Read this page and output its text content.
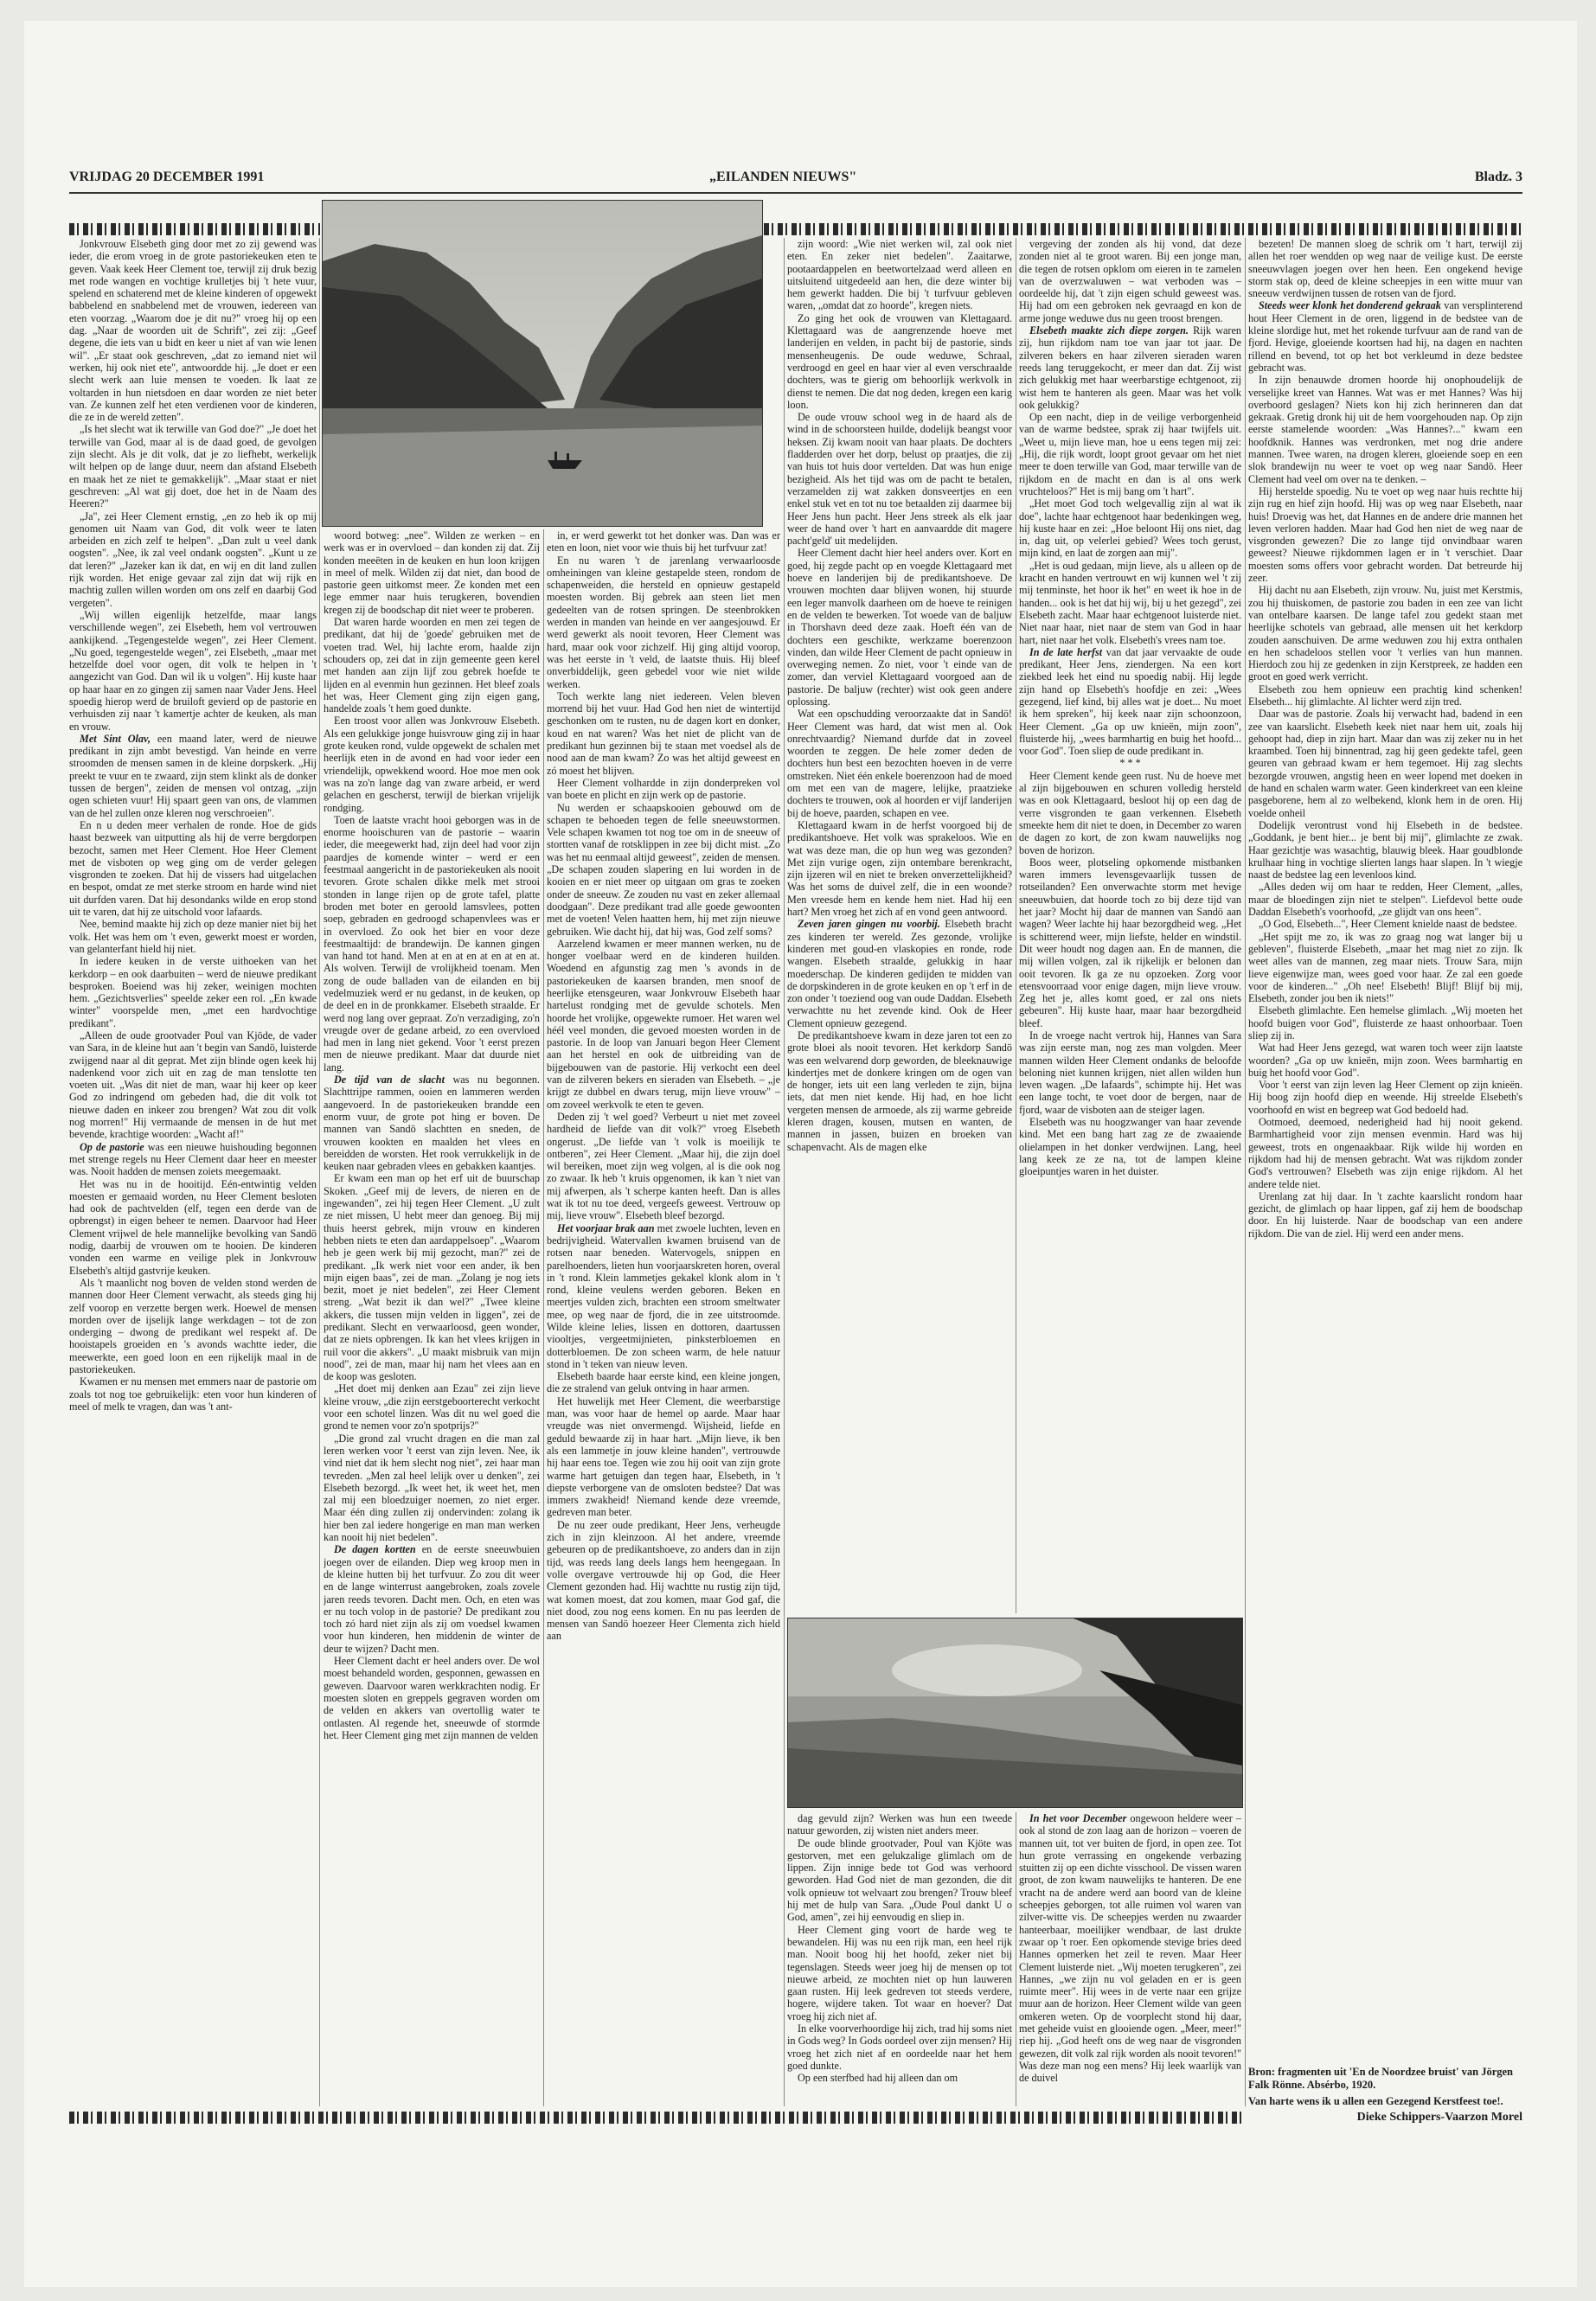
VRIJDAG 20 DECEMBER 1991	„EILANDEN NIEUWS"	Bladz. 3

Jonkvrouw Elsebeth ging door met zo zij gewend was ieder, die erom vroeg in de grote pastoriekeuken eten te geven. Vaak keek Heer Clement toe, terwijl zij druk bezig met rode wangen en vochtige krulletjes bij 't hete vuur, spelend en schaterend met de kleine kinderen of opgewekt babbelend en snabbelend met de vrouwen, iedereen van eten voorzag. „Waarom doe je dit nu?" vroeg hij op een dag. „Naar de woorden uit de Schrift", zei zij: „Geef degene, die iets van u bidt en keer u niet af van wie lenen wil". „Er staat ook geschreven, „dat zo iemand niet wil werken, hij ook niet ete", antwoordde hij. „Je doet er een slecht werk aan luie mensen te voeden. Ik laat ze voltarden in hun nietsdoen en daar worden ze niet beter van. Ze kunnen zelf het eten verdienen voor de kinderen, die ze in de wereld zetten".

„Is het slecht wat ik terwille van God doe?" „Je doet het terwille van God, maar al is de daad goed, de gevolgen zijn slecht. Als je dit volk, dat je zo liefhebt, werkelijk wilt helpen op de lange duur, neem dan afstand Elsebeth en maak het ze niet te gemakkelijk". „Maar staat er niet geschreven: „Al wat gij doet, doe het in de Naam des Heeren?"

„Ja", zei Heer Clement ernstig, „en zo heb ik op mij genomen uit Naam van God, dit volk weer te laten arbeiden en zich zelf te helpen". „Dan zult u veel dank oogsten". „Nee, ik zal veel ondank oogsten". „Kunt u ze dat leren?" „Jazeker kan ik dat, en wij en dit land zullen rijk worden. Het enige gevaar zal zijn dat wij rijk en machtig zullen willen worden om ons zelf en daarbij God vergeten".

„Wij willen eigenlijk hetzelfde, maar langs verschillende wegen", zei Elsebeth, hem vol vertrouwen aankijkend. „Tegengestelde wegen", zei Heer Clement. „Nu goed, tegengestelde wegen", zei Elsebeth, „maar met hetzelfde doel voor ogen, dit volk te helpen in 't aangezicht van God. Dan wil ik u volgen". Hij kuste haar op haar haar en zo gingen zij samen naar Vader Jens. Heel spoedig hierop werd de bruiloft gevierd op de pastorie en verhuisden zij naar 't kamertje achter de keuken, als man en vrouw.

Met Sint Olav, een maand later, werd de nieuwe predikant in zijn ambt bevestigd. Van heinde en verre stroomden de mensen samen in de kleine dorpskerk. „Hij preekt te vuur en te zwaard, zijn stem klinkt als de donker tussen de bergen", zeiden de mensen vol ontzag, „zijn ogen schieten vuur! Hij spaart geen van ons, de vlammen van de hel zullen onze kleren nog verschroeien".

En n u deden meer verhalen de ronde. Hoe de gids haast bezweek van uitputting als hij de verre bergdorpen bezocht, samen met Heer Clement. Hoe Heer Clement met de visboten op weg ging om de verder gelegen visgronden te zoeken. Dat hij de vissers had uitgelachen en bespot, omdat ze met sterke stroom en harde wind niet uit durfden varen. Dat hij desondanks wilde en erop stond uit te varen, dat hij ze uitschold voor lafaards.

Nee, bemind maakte hij zich op deze manier niet bij het volk. Het was hem om 't even, gewerkt moest er worden, van gelanterfant hield hij niet.

In iedere keuken in de verste uithoeken van het kerkdorp – en ook daarbuiten – werd de nieuwe predikant besproken. Boeiend was hij zeker, weinigen mochten hem. „Gezichtsverlies" speelde zeker een rol. „En kwade winter" voorspelde men, „met een hardvochtige predikant".

„Alleen de oude grootvader Poul van Kjöde, de vader van Sara, in de kleine hut aan 't begin van Sandö, luisterde zwijgend naar al dit geprat. Met zijn blinde ogen keek hij nadenkend voor zich uit en zag de man tenslotte ten voeten uit. „Was dit niet de man, waar hij keer op keer God zo indringend om gebeden had, die dit volk tot nieuwe daden en inkeer zou brengen? Wat zou dit volk nog morren!" Hij vermaande de mensen in de hut met bevende, krachtige woorden: „Wacht af!"

Op de pastorie was een nieuwe huishouding begonnen met strenge regels nu Heer Clement daar heer en meester was. Nooit hadden de mensen zoiets meegemaakt.

Het was nu in de hooitijd. Eén-entwintig velden moesten er gemaaid worden, nu Heer Clement besloten had ook de pachtvelden (elf, tegen een derde van de opbrengst) in eigen beheer te nemen. Daarvoor had Heer Clement vrijwel de hele mannelijke bevolking van Sandö nodig, daarbij de vrouwen om te hooien. De kinderen vonden een warme en veilige plek in Jonkvrouw Elsebeth's altijd gastvrije keuken.

Als 't maanlicht nog boven de velden stond werden de mannen door Heer Clement verwacht, als steeds ging hij zelf voorop en verzette bergen werk. Hoewel de mensen morden over de ijselijk lange werkdagen – tot de zon onderging – dwong de predikant wel respekt af. De hooistapels groeiden en 's avonds wachtte ieder, die meewerkte, een goed loon en een rijkelijk maal in de pastoriekeuken.

Kwamen er nu mensen met emmers naar de pastorie om zoals tot nog toe gebruikelijk: eten voor hun kinderen of meel of melk te vragen, dan was 't ant-

woord botweg: „nee". Wilden ze werken – en werk was er in overvloed – dan konden zij dat. Zij konden meeëten in de keuken en hun loon krijgen in meel of melk. Wilden zij dat niet, dan bood de pastorie geen uitkomst meer. Ze konden met een lege emmer naar huis terugkeren, bovendien kregen zij de boodschap dit niet weer te proberen.

Dat waren harde woorden en men zei tegen de predikant, dat hij de 'goede' gebruiken met de voeten trad. Wel, hij lachte erom, haalde zijn schouders op, zei dat in zijn gemeente geen kerel met handen aan zijn lijf zou gebrek hoefde te lijden en al evenmin hun gezinnen. Het bleef zoals het was, Heer Clement ging zijn eigen gang, handelde zoals 't hem goed dunkte.

Een troost voor allen was Jonkvrouw Elsebeth. Als een gelukkige jonge huisvrouw ging zij in haar grote keuken rond, vulde opgewekt de schalen met heerlijk eten in de avond en had voor ieder een vriendelijk, opwekkend woord. Hoe moe men ook was na zo'n lange dag van zware arbeid, er werd gelachen en gescherst, terwijl de bierkan vrijelijk rondging.

Toen de laatste vracht hooi geborgen was in de enorme hooischuren van de pastorie – waarin ieder, die meegewerkt had, zijn deel had voor zijn paardjes de komende winter – werd er een feestmaal aangericht in de pastoriekeuken als nooit tevoren. Grote schalen dikke melk met strooi stonden in lange rijen op de grote tafel, platte broden met boter en geroold lamsvlees, potten soep, gebraden en gedroogd schapenvlees was er in overvloed. Zo ook het bier en voor deze feestmaaltijd: de brandewijn. De kannen gingen van hand tot hand. Men at en at en at en at en at. Als wolven. Terwijl de vrolijkheid toenam. Men zong de oude balladen van de eilanden en bij vedelmuziek werd er nu gedanst, in de keuken, op de deel en in de pronkkamer. Elsebeth straalde. Er werd nog lang over gepraat. Zo'n verzadiging, zo'n vreugde over de gedane arbeid, zo een overvloed had men in lang niet gekend. Voor 't eerst prezen men de nieuwe predikant. Maar dat duurde niet lang.

De tijd van de slacht was nu begonnen. Slachttrijpe rammen, ooien en lammeren werden aangevoerd. In de pastoriekeuken brandde een enorm vuur, de grote pot hing er boven. De mannen van Sandö slachtten en sneden, de vrouwen kookten en maalden het vlees en bereidden de worsten. Het rook verrukkelijk in de keuken naar gebraden vlees en gebakken kaantjes.

Er kwam een man op het erf uit de buurschap Skoken. „Geef mij de levers, de nieren en de ingewanden", zei hij tegen Heer Clement. „U zult ze niet missen, U hebt meer dan genoeg. Bij mij thuis heerst gebrek, mijn vrouw en kinderen hebben niets te eten dan aardappelsoep". „Waarom heb je geen werk bij mij gezocht, man?" zei de predikant. „Ik werk niet voor een ander, ik ben mijn eigen baas", zei de man. „Zolang je nog iets bezit, moet je niet bedelen", zei Heer Clement streng. „Wat bezit ik dan wel?" „Twee kleine akkers, die tussen mijn velden in liggen", zei de predikant. Slecht en verwaarloosd, geen wonder, dat ze niets opbrengen. Ik kan het vlees krijgen in ruil voor die akkers". „U maakt misbruik van mijn nood", zei de man, maar hij nam het vlees aan en de koop was gesloten.

„Het doet mij denken aan Ezau" zei zijn lieve kleine vrouw, „die zijn eerstgeboorterecht verkocht voor een schotel linzen. Was dit nu wel goed die grond te nemen voor zo'n spotprijs?"

„Die grond zal vrucht dragen en die man zal leren werken voor 't eerst van zijn leven. Nee, ik vind niet dat ik hem slecht nog niet", zei haar man tevreden. „Men zal heel lelijk over u denken", zei Elsebeth bezorgd. „Ik weet het, ik weet het, men zal mij een bloedzuiger noemen, zo niet erger. Maar één ding zullen zij ondervinden: zolang ik hier ben zal iedere hongerige en man man werken kan nooit hij niet bedelen".

De dagen kortten en de eerste sneeuwbuien joegen over de eilanden. Diep weg kroop men in de kleine hutten bij het turfvuur. Zo zou dit weer en de lange winterrust aangebroken, zoals zovele jaren reeds tevoren. Dacht men. Och, en eten was er nu toch volop in de pastorie? De predikant zou toch zó hard niet zijn als zij om voedsel kwamen voor hun kinderen, hen middenin de winter de deur te wijzen? Dacht men.

Heer Clement dacht er heel anders over. De wol moest behandeld worden, gesponnen, gewassen en geweven. Daarvoor waren werkkrachten nodig. Er moesten sloten en greppels gegraven worden om de velden en akkers van overtollig water te ontlasten. Al regende het, sneeuwde of stormde het. Heer Clement ging met zijn mannen de velden

in, er werd gewerkt tot het donker was. Dan was er eten en loon, niet voor wie thuis bij het turfvuur zat!

En nu waren 't de jarenlang verwaarloosde omheiningen van kleine gestapelde steen, rondom de schapenweiden, die hersteld en opnieuw gestapeld moesten worden. Bij gebrek aan steen liet men gedeelten van de rotsen springen. De steenbrokken werden in manden van heinde en ver aangesjouwd. Er werd gewerkt als nooit tevoren, Heer Clement was hard, maar ook voor zichzelf. Hij ging altijd voorop, was het eerste in 't veld, de laatste thuis. Hij bleef onverbiddelijk, geen gebedel voor wie niet wilde werken.

Toch werkte lang niet iedereen. Velen bleven morrend bij het vuur. Had God hen niet de wintertijd geschonken om te rusten, nu de dagen kort en donker, koud en nat waren? Was het niet de plicht van de predikant hun gezinnen bij te staan met voedsel als de nood aan de man kwam? Zo was het altijd geweest en zó moest het blijven.

Heer Clement volhardde in zijn donderpreken vol van boete en plicht en zijn werk op de pastorie.

Nu werden er schaapskooien gebouwd om de schapen te behoeden tegen de felle sneeuwstormen. Vele schapen kwamen tot nog toe om in de sneeuw of stortten vanaf de rotsklippen in zee bij dicht mist. „Zo was het nu eenmaal altijd geweest", zeiden de mensen. „De schapen zouden slapering en lui worden in de kooien en er niet meer op uitgaan om gras te zoeken onder de sneeuw. Ze zouden nu vast en zeker allemaal doodgaan". Deze predikant trad alle goede gewoonten met de voeten! Velen haatten hem, hij met zijn nieuwe gebruiken. Wie dacht hij, dat hij was, God zelf soms?

Aarzelend kwamen er meer mannen werken, nu de honger voelbaar werd en de kinderen huilden. Woedend en afgunstig zag men 's avonds in de pastoriekeuken de kaarsen branden, men snoof de heerlijke etensgeuren, waar Jonkvrouw Elsebeth haar hartelust rondging met de gevulde schotels. Men hoorde het vrolijke, opgewekte rumoer. Het waren wel héél veel monden, die gevoed moesten worden in de pastorie. In de loop van Januari begon Heer Clement aan het herstel en ook de uitbreiding van de bijgebouwen van de pastorie. Hij verkocht een deel van de zilveren bekers en sieraden van Elsebeth. – „je krijgt ze dubbel en dwars terug, mijn lieve vrouw" – om zoveel werkvolk te eten te geven.

Deden zij 't wel goed? Verbeurt u niet met zoveel hardheid de liefde van dit volk?" vroeg Elsebeth ongerust. „De liefde van 't volk is moeilijk te ontberen", zei Heer Clement. „Maar hij, die zijn doel wil bereiken, moet zijn weg volgen, al is die ook nog zo zwaar. Ik heb 't kruis opgenomen, ik kan 't niet van mij afwerpen, als 't scherpe kanten heeft. Dan is alles wat ik tot nu toe deed, vergeefs geweest. Vertrouw op mij, lieve vrouw". Elsebeth bleef bezorgd.

Het voorjaar brak aan met zwoele luchten, leven en bedrijvigheid. Watervallen kwamen bruisend van de rotsen naar beneden. Watervogels, snippen en parelhoenders, lieten hun voorjaarskreten horen, overal in 't rond. Klein lammetjes gekakel klonk alom in 't rond, kleine veulens werden geboren. Beken en meertjes vulden zich, brachten een stroom smeltwater mee, op weg naar de fjord, die in zee uitstroomde. Wilde kleine lelies, lissen en dottoren, daartussen viooltjes, vergeetmijnieten, pinksterbloemen en dotterbloemen. De zon scheen warm, de hele natuur stond in 't teken van nieuw leven.

Elsebeth baarde haar eerste kind, een kleine jongen, die ze stralend van geluk ontving in haar armen.

Het huwelijk met Heer Clement, die weerbarstige man, was voor haar de hemel op aarde. Maar haar vreugde was niet onvermengd. Wijsheid, liefde en geduld bewaarde zij in haar hart. „Mijn lieve, ik ben als een lammetje in jouw kleine handen", vertrouwde hij haar eens toe. Tegen wie zou hij ooit van zijn grote warme hart getuigen dan tegen haar, Elsebeth, in 't diepste verborgene van de omsloten bedstee? Dat was immers zwakheid! Niemand kende deze vreemde, gedreven man beter.

De nu zeer oude predikant, Heer Jens, verheugde zich in zijn kleinzoon. Al het andere, vreemde gebeuren op de predikantshoeve, zo anders dan in zijn tijd, was reeds lang deels langs hem heengegaan. In volle overgave vertrouwde hij op God, die Heer Clement gezonden had. Hij wachtte nu rustig zijn tijd, wat komen moest, dat zou komen, maar God gaf, die niet dood, zou nog eens komen. En nu pas leerden de mensen van Sandö hoezeer Heer Clementa zich hield aan

zijn woord: „Wie niet werken wil, zal ook niet eten. En zeker niet bedelen". Zaaitarwe, pootaardappelen en beetwortelzaad werd alleen en uitsluitend uitgedeeld aan hen, die deze winter bij hem gewerkt hadden. Die bij 't turfvuur gebleven waren, „omdat dat zo hoorde", kregen niets.

Zo ging het ook de vrouwen van Klettagaard. Klettagaard was de aangrenzende hoeve met landerijen en velden, in pacht bij de pastorie, sinds mensenheugenis. De oude weduwe, Schraal, verdroogd en geel en haar vier al even verschraalde dochters, was te gierig om behoorlijk werkvolk in dienst te nemen. Die dat nog deden, kregen een karig loon.

De oude vrouw school weg in de haard als de wind in de schoorsteen huilde, dodelijk beangst voor heksen. Zij kwam nooit van haar plaats. De dochters fladderden over het dorp, belust op praatjes, die zij van huis tot huis door vertelden. Dat was hun enige bezigheid. Als het tijd was om de pacht te betalen, verzamelden zij wat zakken donsveertjes en een enkel stuk vet en tot nu toe betaalden zij daarmee bij Heer Jens hun pacht. Heer Jens streek als elk jaar weer de hand over 't hart en aanvaardde dit magere pacht'geld' uit medelijden.

Heer Clement dacht hier heel anders over. Kort en goed, hij zegde pacht op en voegde Klettagaard met hoeve en landerijen bij de predikantshoeve. De vrouwen mochten daar blijven wonen, hij stuurde een leger manvolk daarheen om de hoeve te reinigen en de velden te bewerken. Tot woede van de baljuw in Thorshavn deed deze zaak. Hoeft één van de dochters een geschikte, werkzame boerenzoon vinden, dan wilde Heer Clement de pacht opnieuw in overweging nemen. Zo niet, voor 't einde van de zomer, dan verviel Klettagaard voorgoed aan de pastorie. De baljuw (rechter) wist ook geen andere oplossing.

Wat een opschudding veroorzaakte dat in Sandö! Heer Clement was hard, dat wist men al. Ook onrechtvaardig? Niemand durfde dat in zoveel woorden te zeggen. De hele zomer deden de dochters hun best een bezochten hoeven in de verre omstreken. Niet één enkele boerenzoon had de moed om met een van de magere, lelijke, praatzieke dochters te trouwen, ook al hoorden er vijf landerijen bij de hoeve, paarden, schapen en vee.

Klettagaard kwam in de herfst voorgoed bij de predikantshoeve. Het volk was sprakeloos. Wie en wat was deze man, die op hun weg was gezonden? Met zijn vurige ogen, zijn ontembare berenkracht, zijn ijzeren wil en niet te breken onverzettelijkheid? Was het soms de duivel zelf, die in een woonde? Men vreesde hem en kende hem niet. Had hij een hart? Men vroeg het zich af en vond geen antwoord.

Zeven jaren gingen nu voorbij. Elsebeth bracht zes kinderen ter wereld. Zes gezonde, vrolijke kinderen met goud-en vlaskopies en ronde, rode wangen. Elsebeth straalde, gelukkig in haar moederschap. De kinderen gedijden te midden van de dorpskinderen in de grote keuken en op 't erf in de zon onder 't toeziend oog van oude Daddan. Elsebeth verwachtte nu het zevende kind. Ook de Heer Clement opnieuw gezegend.

De predikantshoeve kwam in deze jaren tot een zo grote bloei als nooit tevoren. Het kerkdorp Sandö was een welvarend dorp geworden, de bleeknauwige kindertjes met de donkere kringen om de ogen van de honger, iets uit een lang verleden te zijn, bijna iets, dat men niet kende. Hij had, en hoe licht vergeten mensen de armoede, als zij warme gebreide kleren dragen, kousen, mutsen en wanten, de mannen in jassen, buizen en broeken van schapenvacht. Als de magen elke

vergeving der zonden als hij vond, dat deze zonden niet al te groot waren. Bij een jonge man, die tegen de rotsen opklom om eieren in te zamelen van de overzwaluwen – wat verboden was – oordeelde hij, dat 't zijn eigen schuld geweest was. Hij had om een gebroken nek gevraagd en kon de arme jonge weduwe dus nu geen troost brengen.

Elsebeth maakte zich diepe zorgen. Rijk waren zij, hun rijkdom nam toe van jaar tot jaar. De zilveren bekers en haar zilveren sieraden waren reeds lang teruggekocht, er meer dan dat. Zij wist zich gelukkig met haar weerbarstige echtgenoot, zij wist hem te hanteren als geen. Maar was het volk ook gelukkig?

Op een nacht, diep in de veilige verborgenheid van de warme bedstee, sprak zij haar twijfels uit. „Weet u, mijn lieve man, hoe u eens tegen mij zei: „Hij, die rijk wordt, loopt groot gevaar om het niet meer te doen terwille van God, maar terwille van de rijkdom en de macht en dan is al ons werk vruchteloos?" Het is mij bang om 't hart".

„Het moet God toch welgevallig zijn al wat ik doe", lachte haar echtgenoot haar bedenkingen weg, hij kuste haar en zei: „Hoe beloont Hij ons niet, dag in, dag uit, op velerlei gebied? Wees toch gerust, mijn kind, en laat de zorgen aan mij".

„Het is oud gedaan, mijn lieve, als u alleen op de kracht en handen vertrouwt en wij kunnen wel 't zij mij tenminste, het hoor ik het" en weet ik hoe in de handen... ook is het dat hij wij, bij u het gezegd", zei Elsebeth zacht. Maar haar echtgenoot luisterde niet. Niet naar haar, niet naar de stem van God in haar hart, niet naar het volk. Elsebeth's vrees nam toe.

In de late herfst van dat jaar vervaakte de oude predikant, Heer Jens, ziendergen. Na een kort ziekbed leek het eind nu spoedig nabij. Hij legde zijn hand op Elsebeth's hoofdje en zei: „Wees gezegend, lief kind, bij alles wat je doet... Nu moet ik hem spreken", hij keek naar zijn schoonzoon, Heer Clement. „Ga op uw knieën, mijn zoon", fluisterde hij, „wees barmhartig en buig het hoofd... voor God". Toen sliep de oude predikant in.

* * *

Heer Clement kende geen rust. Nu de hoeve met al zijn bijgebouwen en schuren volledig hersteld was en ook Klettagaard, besloot hij op een dag de verre visgronden te gaan verkennen. Elsebeth smeekte hem dit niet te doen, in December zo waren de dagen zo kort, de zon kwam nauwelijks nog boven de horizon.

Boos weer, plotseling opkomende mistbanken waren immers levensgevaarlijk tussen de rotseilanden? Een onverwachte storm met hevige sneeuwbuien, dat hoorde toch zo bij deze tijd van het jaar? Mocht hij daar de mannen van Sandö aan wagen? Weer lachte hij haar bezorgdheid weg. „Het is schitterend weer, mijn liefste, helder en windstil. Dit weer houdt nog dagen aan. En de mannen, die mij willen volgen, zal ik rijkelijk er belonen dan ooit tevoren. Ik ga ze nu opzoeken. Zorg voor etensvoorraad voor enige dagen, mijn lieve vrouw. Zeg het je, alles komt goed, er zal ons niets gebeuren". Hij kuste haar, maar haar bezorgdheid bleef.

In de vroege nacht vertrok hij, Hannes van Sara was zijn eerste man, nog zes man volgden. Meer mannen wilden Heer Clement ondanks de beloofde beloning niet kunnen krijgen, niet allen wilden hun leven wagen. „De lafaards", schimpte hij. Het was een lange tocht, te voet door de bergen, naar de fjord, waar de visboten aan de steiger lagen.

Elsebeth was nu hoogzwanger van haar zevende kind. Met een bang hart zag ze de zwaaiende olielampen in het donker verdwijnen. Lang, heel lang keek ze ze na, tot de lampen kleine gloeipuntjes waren in het duister.

bezeten! De mannen sloeg de schrik om 't hart, terwijl zij allen het roer wendden op weg naar de veilige kust. De eerste sneeuwvlagen joegen over hen heen. Een ongekend hevige storm stak op, deed de kleine scheepjes in een witte muur van sneeuw verdwijnen tussen de rotsen van de fjord.

Steeds weer klonk het donderend gekraak van versplinterend hout Heer Clement in de oren, liggend in de bedstee van de kleine slordige hut, met het rokende turfvuur aan de rand van de fjord. Hevige, gloeiende koortsen had hij, na dagen en nachten rillend en bevend, tot op het bot verkleumd in deze bedstee gebracht was.

In zijn benauwde dromen hoorde hij onophoudelijk de verselijke kreet van Hannes. Wat was er met Hannes? Was hij overboord geslagen? Niets kon hij zich herinneren dan dat gekraak. Gretig dronk hij uit de hem voorgehouden nap. Op zijn eerste stamelende woorden: „Was Hannes?..." kwam een hoofdknik. Hannes was verdronken, met nog drie andere mannen. Twee waren, na drogen klerен, gloeiende soep en een slok brandewijn nu weer te voet op weg naar Sandö. Heer Clement had veel om over na te denken. –

Hij herstelde spoedig. Nu te voet op weg naar huis rechtte hij zijn rug en hief zijn hoofd. Hij was op weg naar Elsebeth, naar huis! Droevig was het, dat Hannes en de andere drie mannen het leven verloren hadden. Maar had God hen niet de weg naar de visgronden gewezen? Die zo lange tijd onvindbaar waren geweest? Nieuwe rijkdommen lagen er in 't verschiet. Daar moesten soms offers voor gebracht worden. Dat betreurde hij zeer.

Hij dacht nu aan Elsebeth, zijn vrouw. Nu, juist met Kerstmis, zou hij thuiskomen, de pastorie zou baden in een zee van licht van ontelbare kaarsen. De lange tafel zou gedekt staan met heerlijke schotels van gebraad, alle mensen uit het kerkdorp zouden aanschuiven. De arme weduwen zou hij extra onthalen en hen schadeloos stellen voor 't verlies van hun mannen. Hierdoch zou hij ze gedenken in zijn Kerstpreek, ze hadden een groot en goed werk verricht.

Elsebeth zou hem opnieuw een prachtig kind schenken! Elsebeth... hij glimlachte. Al lichter werd zijn tred.

Daar was de pastorie. Zoals hij verwacht had, badend in een zee van kaarslicht. Elsebeth keek niet naar hem uit, zoals hij gehoopt had, diep in zijn hart. Maar dan was zij zeker nu in het kraambed. Toen hij binnentrad, zag hij geen gedekte tafel, geen geuren van gebraad kwam er hem tegemoet. Hij zag slechts bezorgde vrouwen, angstig heen en weer lopend met doeken in de hand en schalen warm water. Geen kinderkreet van een kleine pasgeborene, hem al zo welbekend, klonk hem in de oren. Hij voelde onheil

Dodelijk verontrust vond hij Elsebeth in de bedstee. „Goddank, je bent hier... je bent bij mij", glimlachte ze zwak. Haar gezichtje was wasachtig, blauwig bleek. Haar goudblonde krulhaar hing in vochtige slierten langs haar slapen. In 't wiegje naast de bedstee lag een levenloos kind.

„Alles deden wij om haar te redden, Heer Clement, „alles, maar de bloedingen zijn niet te stelpen". Liefdevol bette oude Daddan Elsebeth's voorhoofd, „ze glijdt van ons heen".

„O God, Elsebeth...", Heer Clement knielde naast de bedstee.

„Het spijt me zo, ik was zo graag nog wat langer bij u gebleven", fluisterde Elsebeth, „maar het mag niet zo zijn. Ik weet alles van de mannen, zeg maar niets. Trouw Sara, mijn lieve eigenwijze man, wees goed voor haar. Ze zal een goede voor de kinderen..." „Oh nee! Elsebeth! Blijf! Blijf bij mij, Elsebeth, zonder jou ben ik niets!"

Elsebeth glimlachte. Een hemelse glimlach. „Wij moeten het hoofd buigen voor God", fluisterde ze haast onhoorbaar. Toen sliep zij in.

Wat had Heer Jens gezegd, wat waren toch weer zijn laatste woorden? „Ga op uw knieën, mijn zoon. Wees barmhartig en buig het hoofd voor God".

Voor 't eerst van zijn leven lag Heer Clement op zijn knieën. Hij boog zijn hoofd diep en weende. Hij streelde Elsebeth's voorhoofd en wist en begreep wat God bedoeld had.

Ootmoed, deemoed, nederigheid had hij nooit gekend. Barmhartigheid voor zijn mensen evenmin. Hard was hij geweest, trots en ongenaakbaar. Rijk wilde hij worden en rijkdom had hij de mensen gebracht. Wat was rijkdom zonder God's vertrouwen? Elsebeth was zijn enige rijkdom. Al het andere telde niet.

Urenlang zat hij daar. In 't zachte kaarslicht rondom haar gezicht, de glimlach op haar lippen, gaf zij hem de boodschap door. En hij luisterde. Naar de boodschap van een andere rijkdom. Die van de ziel. Hij werd een ander mens.

dag gevuld zijn? Werken was hun een tweede natuur geworden, zij wisten niet anders meer.

De oude blinde grootvader, Poul van Kjöte was gestorven, met een gelukzalige glimlach om de lippen. Zijn innige bede tot God was verhoord geworden. Had God niet de man gezonden, die dit volk opnieuw tot welvaart zou brengen? Trouw bleef hij met de hulp van Sara. „Oude Poul dankt U o God, amen", zei hij eenvoudig en sliep in.

Heer Clement ging voort de harde weg te bewandelen. Hij was nu een rijk man, een heel rijk man. Nooit boog hij het hoofd, zeker niet bij tegenslagen. Steeds weer joeg hij de mensen op tot nieuwe arbeid, ze mochten niet op hun lauweren gaan rusten. Hij leek gedreven tot steeds verdere, hogere, wijdere taken. Tot waar en hoever? Dat vroeg hij zich niet af.

In elke voorverhoordige hij zich, trad hij soms niet in Gods weg? In Gods oordeel over zijn mensen? Hij vroeg het zich niet af en oordeelde naar het hem goed dunkte.

Op een sterfbed had hij alleen dan om

In het voor December ongewoon heldere weer – ook al stond de zon laag aan de horizon – voeren de mannen uit, tot ver buiten de fjord, in open zee. Tot hun grote verrassing en ongekende verbazing stuitten zij op een dichte visschool. De vissen waren groot, de zon kwam nauwelijks te hanteren. De ene vracht na de andere werd aan boord van de kleine scheepjes geborgen, tot alle ruimen vol waren van zilver-witte vis. De scheepjes werden nu zwaarder hanteerbaar, moeilijker wendbaar, de last drukte zwaar op 't roer. Een opkomende stevige bries deed Hannes opmerken het zeil te reven. Maar Heer Clement luisterde niet. „Wij moeten terugkeren", zei Hannes, „we zijn nu vol geladen en er is geen ruimte meer". Hij wees in de verte naar een grijze muur aan de horizon. Heer Clement wilde van geen omkeren weten. Op de voorplecht stond hij daar, met geheide vuist en glooiende ogen. „Meer, meer!" riep hij. „God heeft ons de weg naar de visgronden gewezen, dit volk zal rijk worden als nooit tevoren!" Was deze man nog een mens? Hij leek waarlijk van de duivel

Bron: fragmenten uit 'En de Noordzee bruist' van Jörgen Falk Rönne. Absérbo, 1920.
Van harte wens ik u allen een Gezegend Kerstfeest toe!.
Dieke Schippers-Vaarzon Morel
